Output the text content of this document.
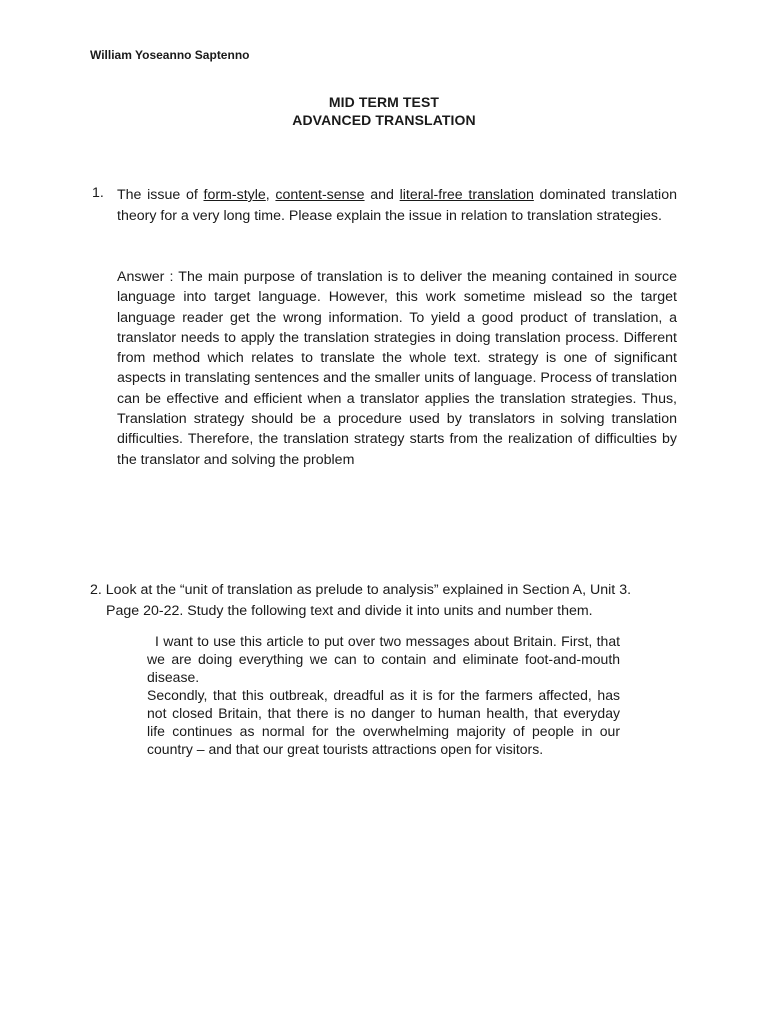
William Yoseanno Saptenno
MID TERM TEST
ADVANCED TRANSLATION
1. The issue of form-style, content-sense and literal-free translation dominated translation theory for a very long time. Please explain the issue in relation to translation strategies.
Answer : The main purpose of translation is to deliver the meaning contained in source language into target language. However, this work sometime mislead so the target language reader get the wrong information. To yield a good product of translation, a translator needs to apply the translation strategies in doing translation process. Different from method which relates to translate the whole text. strategy is one of significant aspects in translating sentences and the smaller units of language. Process of translation can be effective and efficient when a translator applies the translation strategies. Thus, Translation strategy should be a procedure used by translators in solving translation difficulties. Therefore, the translation strategy starts from the realization of difficulties by the translator and solving the problem
2. Look at the “unit of translation as prelude to analysis” explained in Section A, Unit 3.
Page 20-22. Study the following text and divide it into units and number them.

I want to use this article to put over two messages about Britain. First, that we are doing everything we can to contain and eliminate foot-and-mouth disease.

Secondly, that this outbreak, dreadful as it is for the farmers affected, has not closed Britain, that there is no danger to human health, that everyday life continues as normal for the overwhelming majority of people in our country – and that our great tourists attractions open for visitors.
